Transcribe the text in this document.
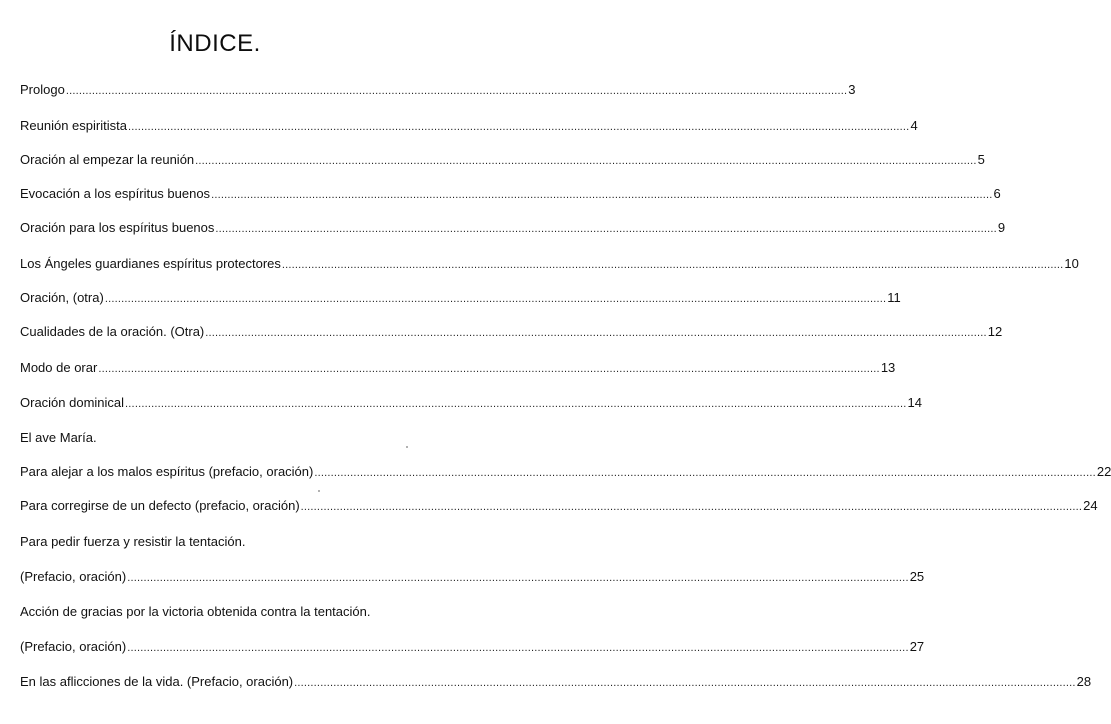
ÍNDICE.
Prologo .....	3
Reunión espiritista .....	4
Oración al empezar la reunión .....	5
Evocación a los espíritus buenos .....	6
Oración para los espíritus buenos .....	9
Los Ángeles guardianes espíritus protectores .....	10
Oración, (otra) .....	11
Cualidades de la oración. (Otra) .....	12
Modo de orar .....	13
Oración dominical .....	14
El ave María.
Para alejar a los malos espíritus (prefacio, oración) .....	22
Para corregirse de un defecto (prefacio, oración) .....	24
Para pedir fuerza y resistir la tentación.
(Prefacio, oración) .....	25
Acción de gracias por la victoria obtenida contra la tentación.
(Prefacio, oración) .....	27
En las aflicciones de la vida. (Prefacio, oración) .....	28
